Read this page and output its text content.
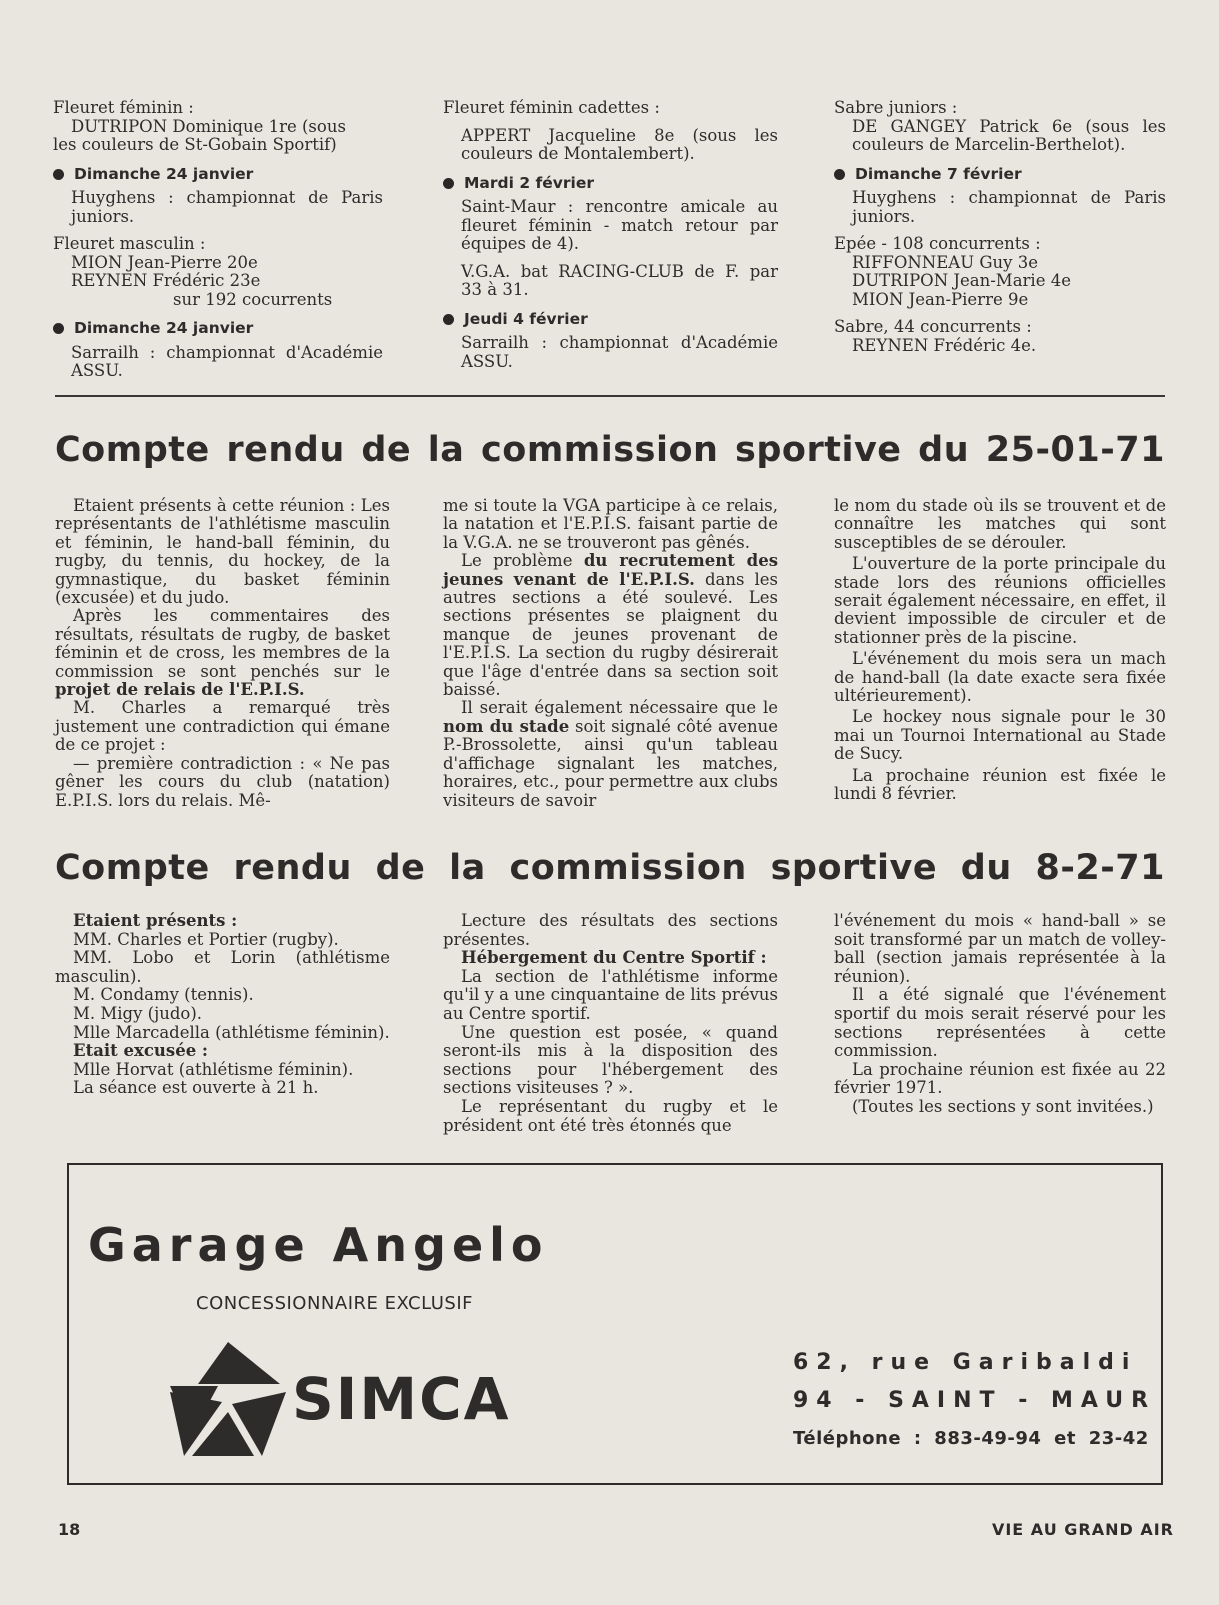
Fleuret féminin :

DUTRIPON Dominique 1re (sous

les couleurs de St-Gobain Sportif)

Dimanche 24 janvier

Huyghens : championnat de Paris juniors.

Fleuret masculin :

MION Jean-Pierre 20e

REYNEN Frédéric 23e

sur 192 cocurrents

Dimanche 24 janvier

Sarrailh : championnat d'Académie ASSU.

Fleuret féminin cadettes :

APPERT Jacqueline 8e (sous les couleurs de Montalembert).

Mardi 2 février

Saint-Maur : rencontre amicale au fleuret féminin - match retour par équipes de 4).

V.G.A. bat RACING-CLUB de F. par 33 à 31.

Jeudi 4 février

Sarrailh : championnat d'Académie ASSU.

Sabre juniors :

DE GANGEY Patrick 6e (sous les couleurs de Marcelin-Berthelot).

Dimanche 7 février

Huyghens : championnat de Paris juniors.

Epée - 108 concurrents :

RIFFONNEAU Guy 3e

DUTRIPON Jean-Marie 4e

MION Jean-Pierre 9e

Sabre, 44 concurrents :

REYNEN Frédéric 4e.

Compte rendu de la commission sportive du 25-01-71

Etaient présents à cette réunion : Les représentants de l'athlétisme masculin et féminin, le hand-ball féminin, du rugby, du tennis, du hockey, de la gymnastique, du basket féminin (excusée) et du judo.

Après les commentaires des résultats, résultats de rugby, de basket féminin et de cross, les membres de la commission se sont penchés sur le projet de relais de l'E.P.I.S.

M. Charles a remarqué très justement une contradiction qui émane de ce projet :

— première contradiction : « Ne pas gêner les cours du club (natation) E.P.I.S. lors du relais. Mê-

me si toute la VGA participe à ce relais, la natation et l'E.P.I.S. faisant partie de la V.G.A. ne se trouveront pas gênés.

Le problème du recrutement des jeunes venant de l'E.P.I.S. dans les autres sections a été soulevé. Les sections présentes se plaignent du manque de jeunes provenant de l'E.P.I.S. La section du rugby désirerait que l'âge d'entrée dans sa section soit baissé.

Il serait également nécessaire que le nom du stade soit signalé côté avenue P.-Brossolette, ainsi qu'un tableau d'affichage signalant les matches, horaires, etc., pour permettre aux clubs visiteurs de savoir

le nom du stade où ils se trouvent et de connaître les matches qui sont susceptibles de se dérouler.

L'ouverture de la porte principale du stade lors des réunions officielles serait également nécessaire, en effet, il devient impossible de circuler et de stationner près de la piscine.

L'événement du mois sera un mach de hand-ball (la date exacte sera fixée ultérieurement).

Le hockey nous signale pour le 30 mai un Tournoi International au Stade de Sucy.

La prochaine réunion est fixée le lundi 8 février.

Compte rendu de la commission sportive du 8-2-71

Etaient présents :

MM. Charles et Portier (rugby).

MM. Lobo et Lorin (athlétisme masculin).

M. Condamy (tennis).

M. Migy (judo).

Mlle Marcadella (athlétisme féminin).

Etait excusée :

Mlle Horvat (athlétisme féminin).

La séance est ouverte à 21 h.

Lecture des résultats des sections présentes.

Hébergement du Centre Sportif :

La section de l'athlétisme informe qu'il y a une cinquantaine de lits prévus au Centre sportif.

Une question est posée, « quand seront-ils mis à la disposition des sections pour l'hébergement des sections visiteuses ? ».

Le représentant du rugby et le président ont été très étonnés que

l'événement du mois « hand-ball » se soit transformé par un match de volley-ball (section jamais représentée à la réunion).

Il a été signalé que l'événement sportif du mois serait réservé pour les sections représentées à cette commission.

La prochaine réunion est fixée au 22 février 1971.

(Toutes les sections y sont invitées.)

Garage Angelo
CONCESSIONNAIRE EXCLUSIF
SIMCA
62, rue Garibaldi
94 - SAINT - MAUR
Téléphone : 883-49-94 et 23-42
18	VIE AU GRAND AIR
